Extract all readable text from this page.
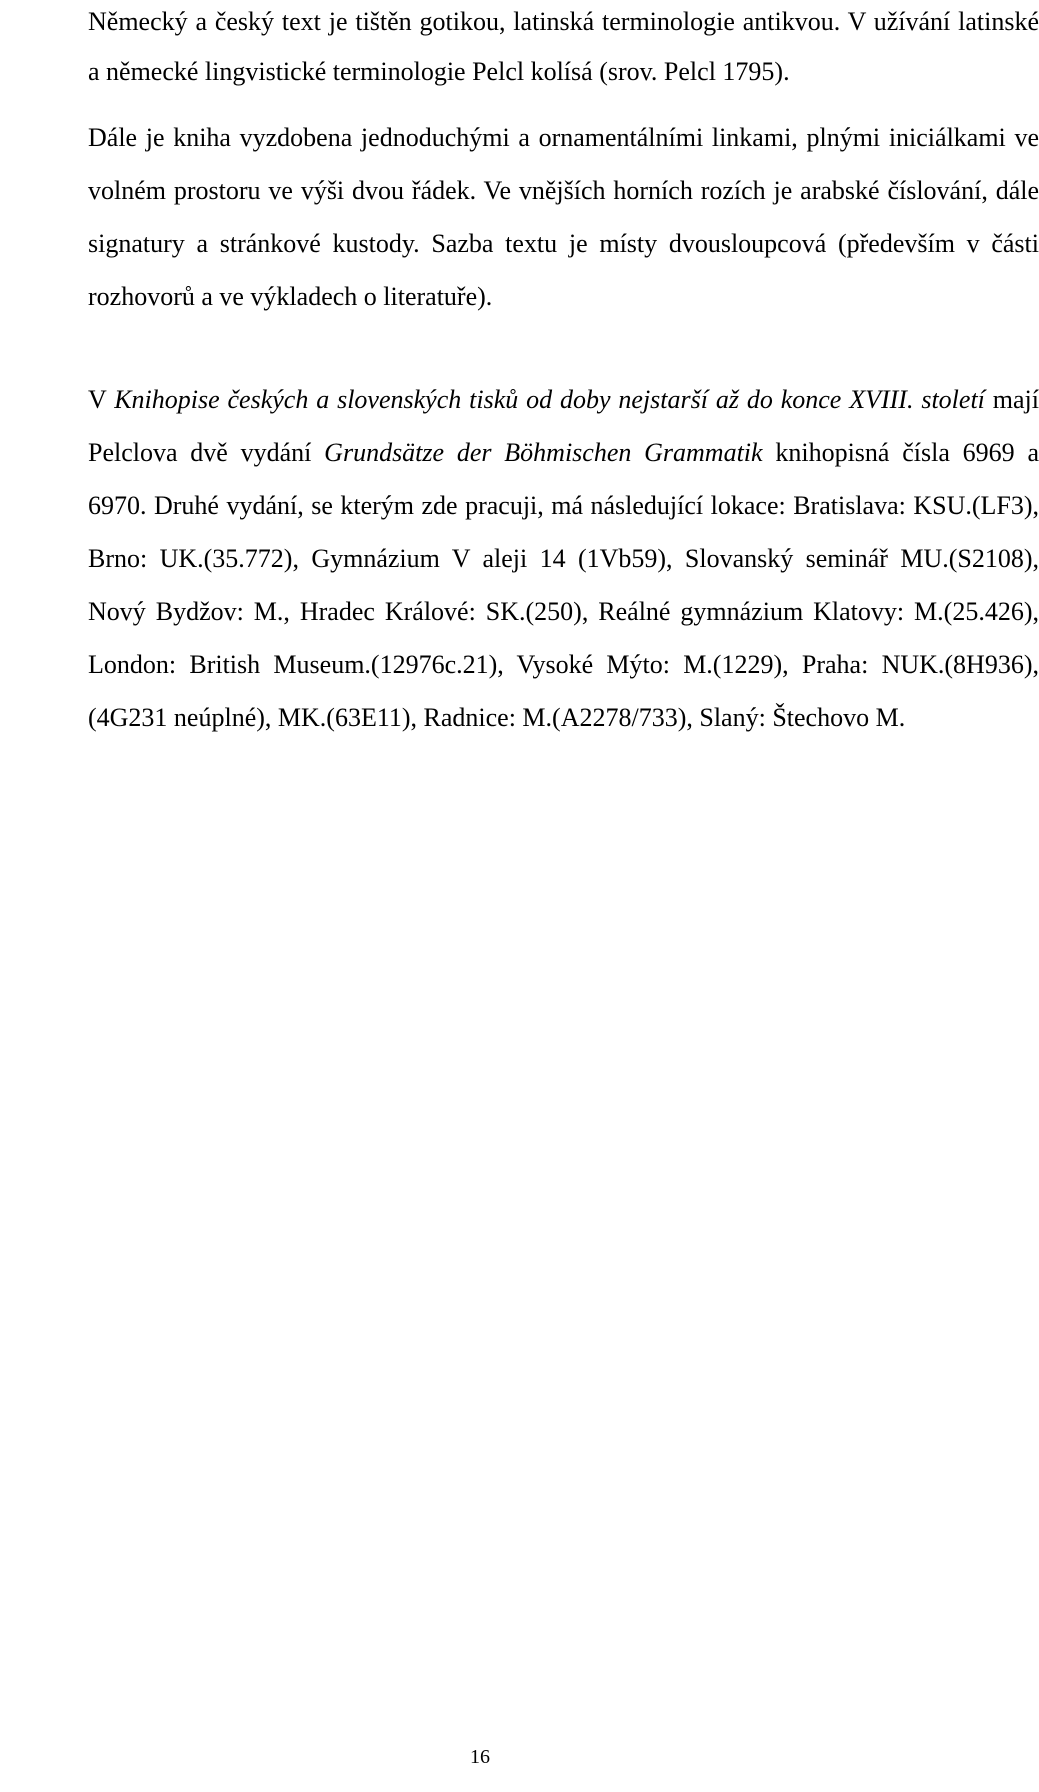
Německý a český text je tištěn gotikou, latinská terminologie antikvou. V užívání latinské a německé lingvistické terminologie Pelcl kolísá (srov. Pelcl 1795).

Dále je kniha vyzdobena jednoduchými a ornamentálními linkami, plnými iniciálkami ve volném prostoru ve výši dvou řádek. Ve vnějších horních rozích je arabské číslování, dále signatury a stránkové kustody. Sazba textu je místy dvousloupcová (především v části rozhovorů a ve výkladech o literatuře).

V Knihopise českých a slovenských tisků od doby nejstarší až do konce XVIII. století mají Pelclova dvě vydání Grundsätze der Böhmischen Grammatik knihopisná čísla 6969 a 6970. Druhé vydání, se kterým zde pracuji, má následující lokace: Bratislava: KSU.(LF3), Brno: UK.(35.772), Gymnázium V aleji 14 (1Vb59), Slovanský seminář MU.(S2108), Nový Bydžov: M., Hradec Králové: SK.(250), Reálné gymnázium Klatovy: M.(25.426), London: British Museum.(12976c.21), Vysoké Mýto: M.(1229), Praha: NUK.(8H936), (4G231 neúplné), MK.(63E11), Radnice: M.(A2278/733), Slaný: Štechovo M.

16
